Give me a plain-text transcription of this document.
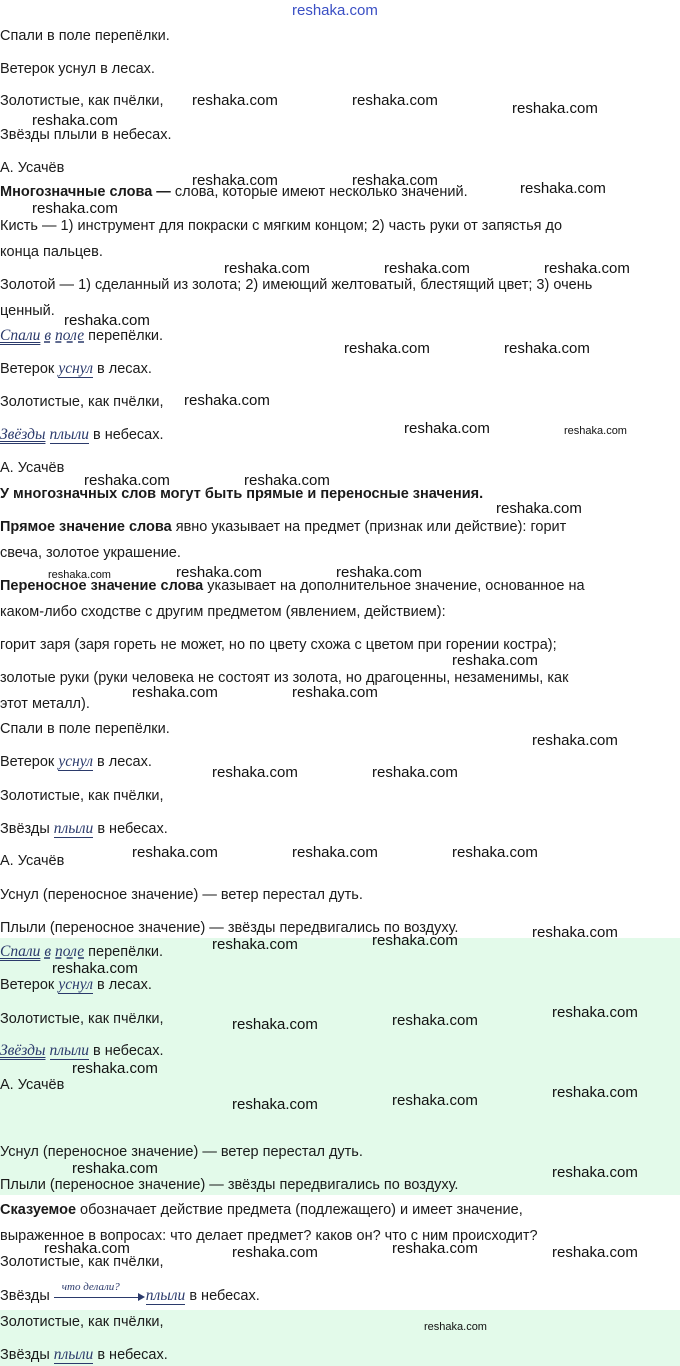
reshaka.com
Спали в поле перепёлки.
Ветерок уснул в лесах.
Золотистые, как пчёлки,
Звёзды плыли в небесах.
А. Усачёв
Многозначные слова — слова, которые имеют несколько значений.
Кисть — 1) инструмент для покраски с мягким концом; 2) часть руки от запястья до
конца пальцев.
Золотой — 1) сделанный из золота; 2) имеющий желтоватый, блестящий цвет; 3) очень
ценный.
Спали в поле перепёлки.
Ветерок уснул в лесах.
Золотистые, как пчёлки,
Звёзды плыли в небесах.
А. Усачёв
У многозначных слов могут быть прямые и переносные значения.
Прямое значение слова явно указывает на предмет (признак или действие): горит
свеча, золотое украшение.
Переносное значение слова указывает на дополнительное значение, основанное на
каком-либо сходстве с другим предметом (явлением, действием):
горит заря (заря гореть не может, но по цвету схожа с цветом при горении костра);
золотые руки (руки человека не состоят из золота, но драгоценны, незаменимы, как
этот металл).
Спали в поле перепёлки.
Ветерок уснул в лесах.
Золотистые, как пчёлки,
Звёзды плыли в небесах.
А. Усачёв
Уснул (переносное значение) — ветер перестал дуть.
Плыли (переносное значение) — звёзды передвигались по воздуху.
Спали в поле перепёлки.
Ветерок уснул в лесах.
Золотистые, как пчёлки,
Звёзды плыли в небесах.
А. Усачёв
Уснул (переносное значение) — ветер перестал дуть.
Плыли (переносное значение) — звёзды передвигались по воздуху.
Сказуемое обозначает действие предмета (подлежащего) и имеет значение,
выраженное в вопросах: что делает предмет? каков он? что с ним происходит?
Золотистые, как пчёлки,
Звёзды
что делали? плыли в небесах.
Золотистые, как пчёлки,
Звёзды плыли в небесах.
reshaka.com	reshaka.com	reshaka.com
reshaka.com
reshaka.com	reshaka.com	reshaka.com
reshaka.com
reshaka.com	reshaka.com	reshaka.com
reshaka.com
reshaka.com	reshaka.com
reshaka.com
reshaka.com	reshaka.com
reshaka.com	reshaka.com
reshaka.com
reshaka.com	reshaka.com	reshaka.com
reshaka.com
reshaka.com	reshaka.com
reshaka.com
reshaka.com	reshaka.com
reshaka.com	reshaka.com	reshaka.com
reshaka.com
reshaka.com	reshaka.com
reshaka.com
reshaka.com
reshaka.com
reshaka.com
reshaka.com
reshaka.com
reshaka.com
reshaka.com
reshaka.com	reshaka.com
reshaka.com	reshaka.com	reshaka.com	reshaka.com
reshaka.com
